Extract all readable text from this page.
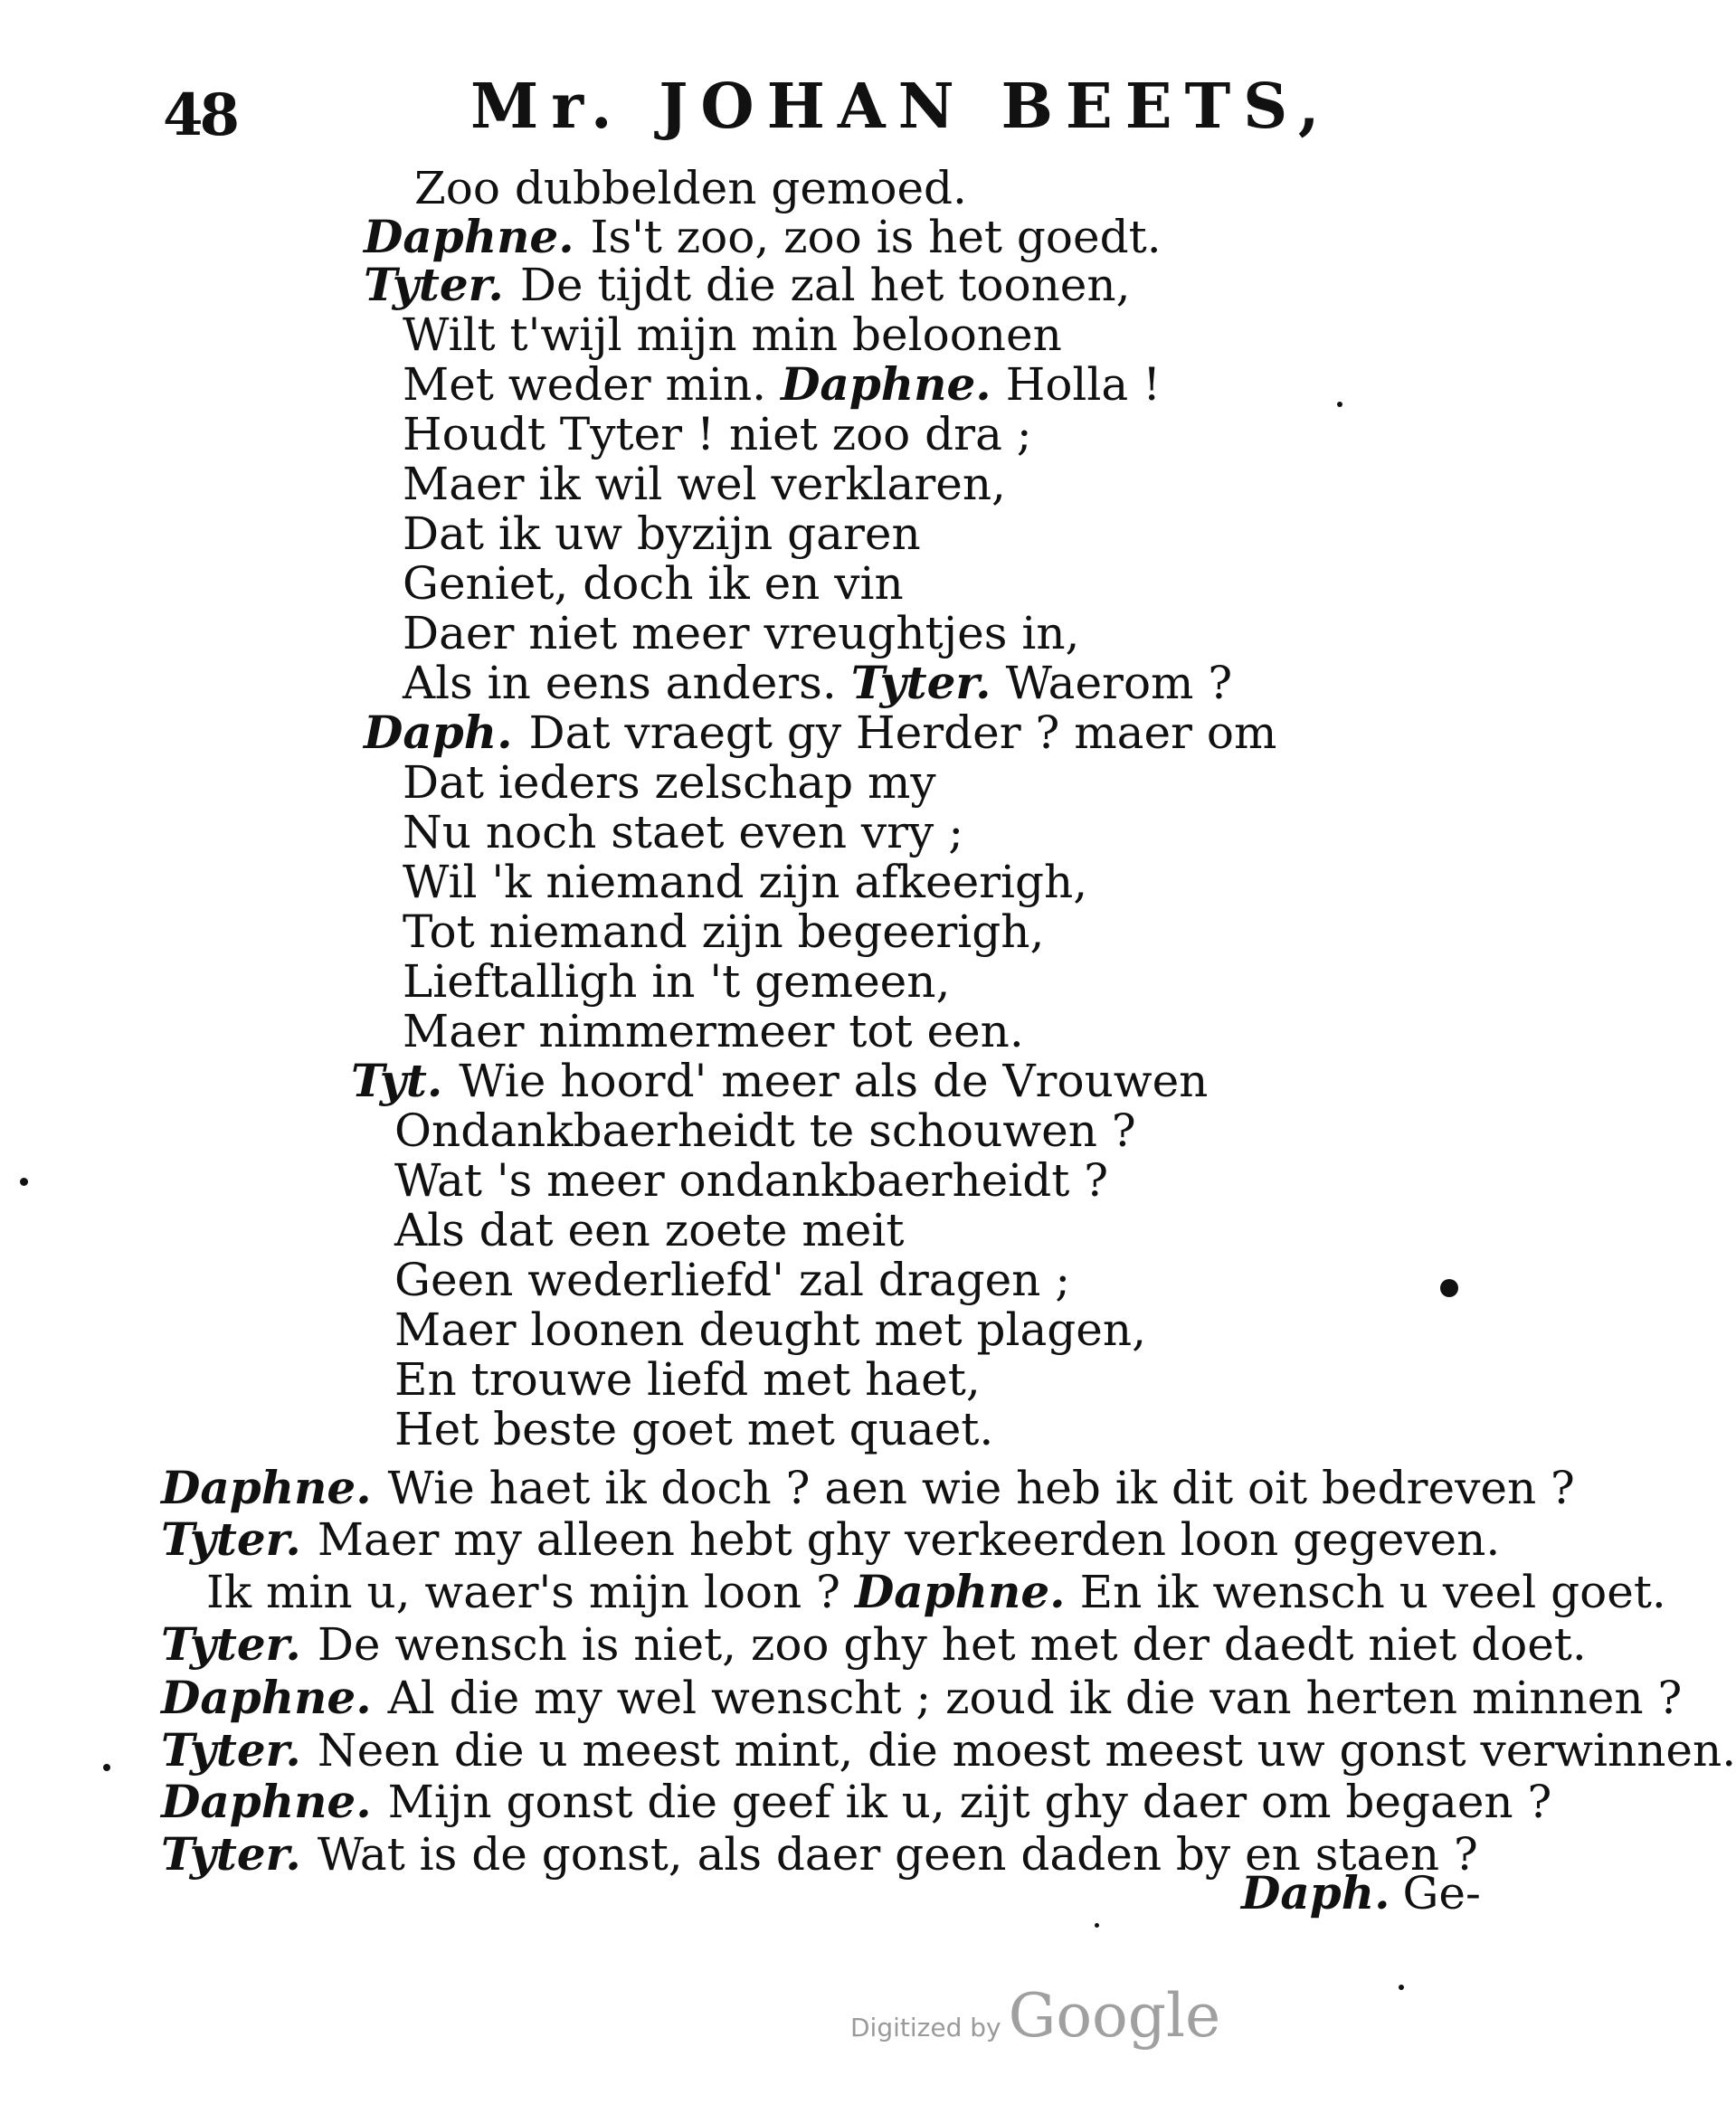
48	Mr. JOHAN BEETS,
Zoo dubbelden gemoed.
Daphne. Is't zoo, zoo is het goedt.
Tyter. De tijdt die zal het toonen,
Wilt t'wijl mijn min beloonen
Met weder min. Daphne. Holla !
Houdt Tyter ! niet zoo dra ;
Maer ik wil wel verklaren,
Dat ik uw byzijn garen
Geniet, doch ik en vin
Daer niet meer vreughtjes in,
Als in eens anders. Tyter. Waerom ?
Daph. Dat vraegt gy Herder ? maer om
Dat ieders zelschap my
Nu noch staet even vry ;
Wil 'k niemand zijn afkeerigh,
Tot niemand zijn begeerigh,
Lieftalligh in 't gemeen,
Maer nimmermeer tot een.
Tyt. Wie hoord' meer als de Vrouwen
Ondankbaerheidt te schouwen ?
Wat 's meer ondankbaerheidt ?
Als dat een zoete meit
Geen wederliefd' zal dragen ;
Maer loonen deught met plagen,
En trouwe liefd met haet,
Het beste goet met quaet.
Daphne. Wie haet ik doch ? aen wie heb ik dit oit bedreven ?
Tyter. Maer my alleen hebt ghy verkeerden loon gegeven.
Ik min u, waer's mijn loon ? Daphne. En ik wensch u veel goet.
Tyter. De wensch is niet, zoo ghy het met der daedt niet doet.
Daphne. Al die my wel wenscht ; zoud ik die van herten minnen ?
Tyter. Neen die u meest mint, die moest meest uw gonst verwinnen.
Daphne. Mijn gonst die geef ik u, zijt ghy daer om begaen ?
Tyter. Wat is de gonst, als daer geen daden by en staen ?
Daph. Ge-
Digitized by Google
